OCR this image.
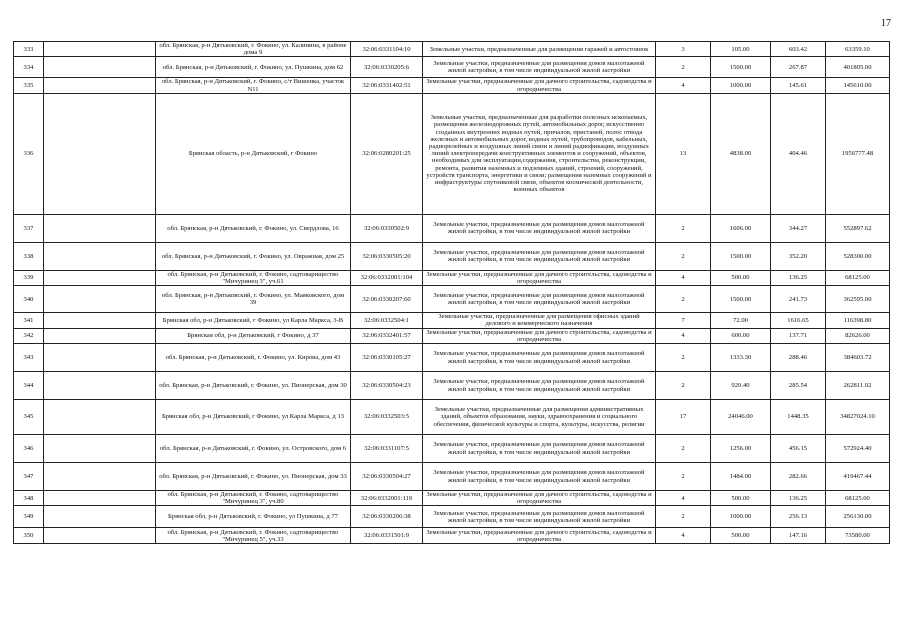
17
333		обл. Брянская, р-н Дятьковский, г. Фокино, ул. Калинина, в районе дома 9	32:06:0331104:10	Земельные участки, предназначенные для размещения гаражей и автостоянок	3	105.00	603.42	63359.10
334		обл. Брянская, р-н Дятьковский, г. Фокино, ул. Пушкина, дом 62	32:06:0330205:6	Земельные участки, предназначенные для размещения домов малоэтажной жилой застройки, в том числе индивидуальной жилой застройки	2	1500.00	267.87	401805.00
335		обл. Брянская, р-н Дятьковский, г. Фокино, с/т Вишенка, участок N11	32:06:0331402:51	Земельные участки, предназначенные для дачного строительства, садоводства и огородничества	4	1000.00	145.61	145610.00
336		Брянская область, р-н Дятьковский, г Фокино	32:06:0280201:25	Земельные участки, предназначенные для разработки полезных ископаемых, размещения железнодорожных путей, автомобильных дорог, искусственно созданных внутренних водных путей, причалов, пристаней, полос отвода железных и автомобильных дорог, водных путей, трубопроводов, кабельных, радиорелейных и воздушных линий связи и линий радиофикации, воздушных линий электропередачи конструктивных элементов и сооружений, объектов, необходимых для эксплуатации,содержания, строительства, реконструкции, ремонта, развития наземных и подземных зданий, строений, сооружений, устройств транспорта, энергетики и связи; размещения наземных сооружений и инфраструктуры спутниковой связи, объектов космической деятельности, военных объектов	13	4838.00	404.46	1956777.48
337		обл. Брянская, р-н Дятьковский, г. Фокино, ул. Свердлова, 16	32:06:0330502:9	Земельные участки, предназначенные для размещения домов малоэтажной жилой застройки, в том числе индивидуальной жилой застройки	2	1606.00	344.27	552897.62
338		обл. Брянская, р-н Дятьковский, г. Фокино, ул. Овражная, дом 25	32:06:0330505:20	Земельные участки, предназначенные для размещения домов малоэтажной жилой застройки, в том числе индивидуальной жилой застройки	2	1500.00	352.20	528300.00
339		обл. Брянская, р-н Дятьковский, г. Фокино, садтоварищество "Мичуринец 3", уч.61	32:06:0332001:104	Земельные участки, предназначенные для дачного строительства, садоводства и огородничества	4	500.00	136.25	68125.00
340		обл. Брянская, р-н Дятьковский, г. Фокино, ул. Маяковского, дом 39	32:06:0330207:60	Земельные участки, предназначенные для размещения домов малоэтажной жилой застройки, в том числе индивидуальной жилой застройки	2	1500.00	241.73	362595.00
341		Брянская обл, р-н Дятьковский, г Фокино, ул Карла Маркса, 3-В	32:06:0332504:1	Земельные участки, предназначенные для размещения офисных зданий делового и коммерческого назначения	7	72.00	1616.65	116398.80
342		Брянская обл, р-н Дятьковский, г Фокино, д 37	32:06:0332401:57	Земельные участки, предназначенные для дачного строительства, садоводства и огородничества	4	600.00	137.71	82626.00
343		обл. Брянская, р-н Дятьковский, г. Фокино, ул. Кирова, дом 43	32:06:0330105:27	Земельные участки, предназначенные для размещения домов малоэтажной жилой застройки, в том числе индивидуальной жилой застройки	2	1333.30	288.46	384603.72
344		обл. Брянская, р-н Дятьковский, г. Фокино, ул. Пионерская, дом 30	32:06:0330504:23	Земельные участки, предназначенные для размещения домов малоэтажной жилой застройки, в том числе индивидуальной жилой застройки	2	920.40	285.54	262811.02
345		Брянская обл, р-н Дятьковский, г Фокино, ул Карла Маркса, д 13	32:06:0332503:5	Земельные участки, предназначенные для размещения административных зданий, объектов образования, науки, здравоохранения и социального обеспечения, физической культуры и спорта, культуры, искусства, религии	17	24046.00	1448.35	34827024.10
346		обл. Брянская, р-н Дятьковский, г. Фокино, ул. Островского, дом 6	32:06:0331107:5	Земельные участки, предназначенные для размещения домов малоэтажной жилой застройки, в том числе индивидуальной жилой застройки	2	1256.00	456.15	572924.40
347		обл. Брянская, р-н Дятьковский, г. Фокино, ул. Пионерская, дом 33	32:06:0330504:27	Земельные участки, предназначенные для размещения домов малоэтажной жилой застройки, в том числе индивидуальной жилой застройки	2	1484.00	282.66	419467.44
348		обл. Брянская, р-н Дятьковский, г. Фокино, садтоварищество "Мичуринец 3", уч.80	32:06:0332001:119	Земельные участки, предназначенные для дачного строительства, садоводства и огородничества	4	500.00	136.25	68125.00
349		Брянская обл, р-н Дятьковский, г. Фокино, ул Пушкина, д 77	32:06:0330206:38	Земельные участки, предназначенные для размещения домов малоэтажной жилой застройки, в том числе индивидуальной жилой застройки	2	1000.00	256.13	256130.00
350		обл. Брянская, р-н Дятьковский, г. Фокино, садтоварищество "Мичуринец 5", уч.33	32:06:0331501:9	Земельные участки, предназначенные для дачного строительства, садоводства и огородничества	4	500.00	147.16	73580.00
